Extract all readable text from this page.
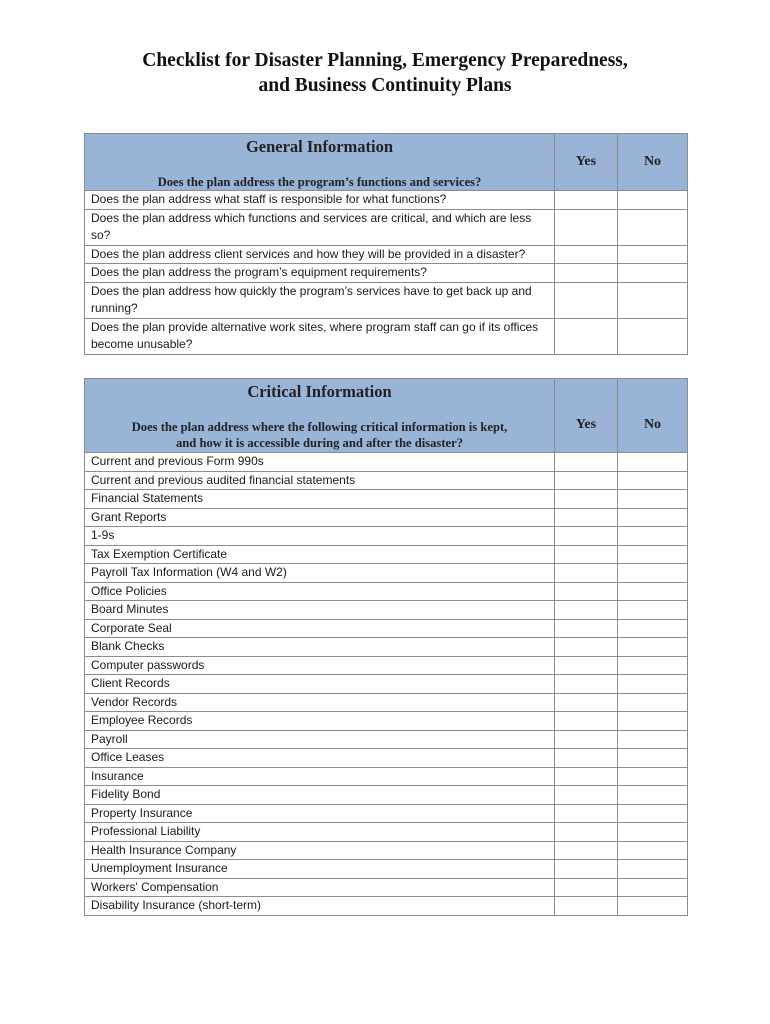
Checklist for Disaster Planning, Emergency Preparedness,
and Business Continuity Plans
General Information
Does the plan address the program’s functions and services?	Yes	No

Does the plan address what staff is responsible for what functions?		
Does the plan address which functions and services are critical, and which are less so?		
Does the plan address client services and how they will be provided in a disaster?		
Does the plan address the program’s equipment requirements?		
Does the plan address how quickly the program’s services have to get back up and running?		
Does the plan provide alternative work sites, where program staff can go if its offices become unusable?		
Critical Information
Does the plan address where the following critical information is kept,
and how it is accessible during and after the disaster?	Yes	No

Current and previous Form 990s		
Current and previous audited financial statements		
Financial Statements		
Grant Reports		
1-9s		
Tax Exemption Certificate		
Payroll Tax Information (W4 and W2)		
Office Policies		
Board Minutes		
Corporate Seal		
Blank Checks		
Computer passwords		
Client Records		
Vendor Records		
Employee Records		
Payroll		
Office Leases		
Insurance		
Fidelity Bond		
Property Insurance		
Professional Liability		
Health Insurance Company		
Unemployment Insurance		
Workers' Compensation		
Disability Insurance (short-term)		
